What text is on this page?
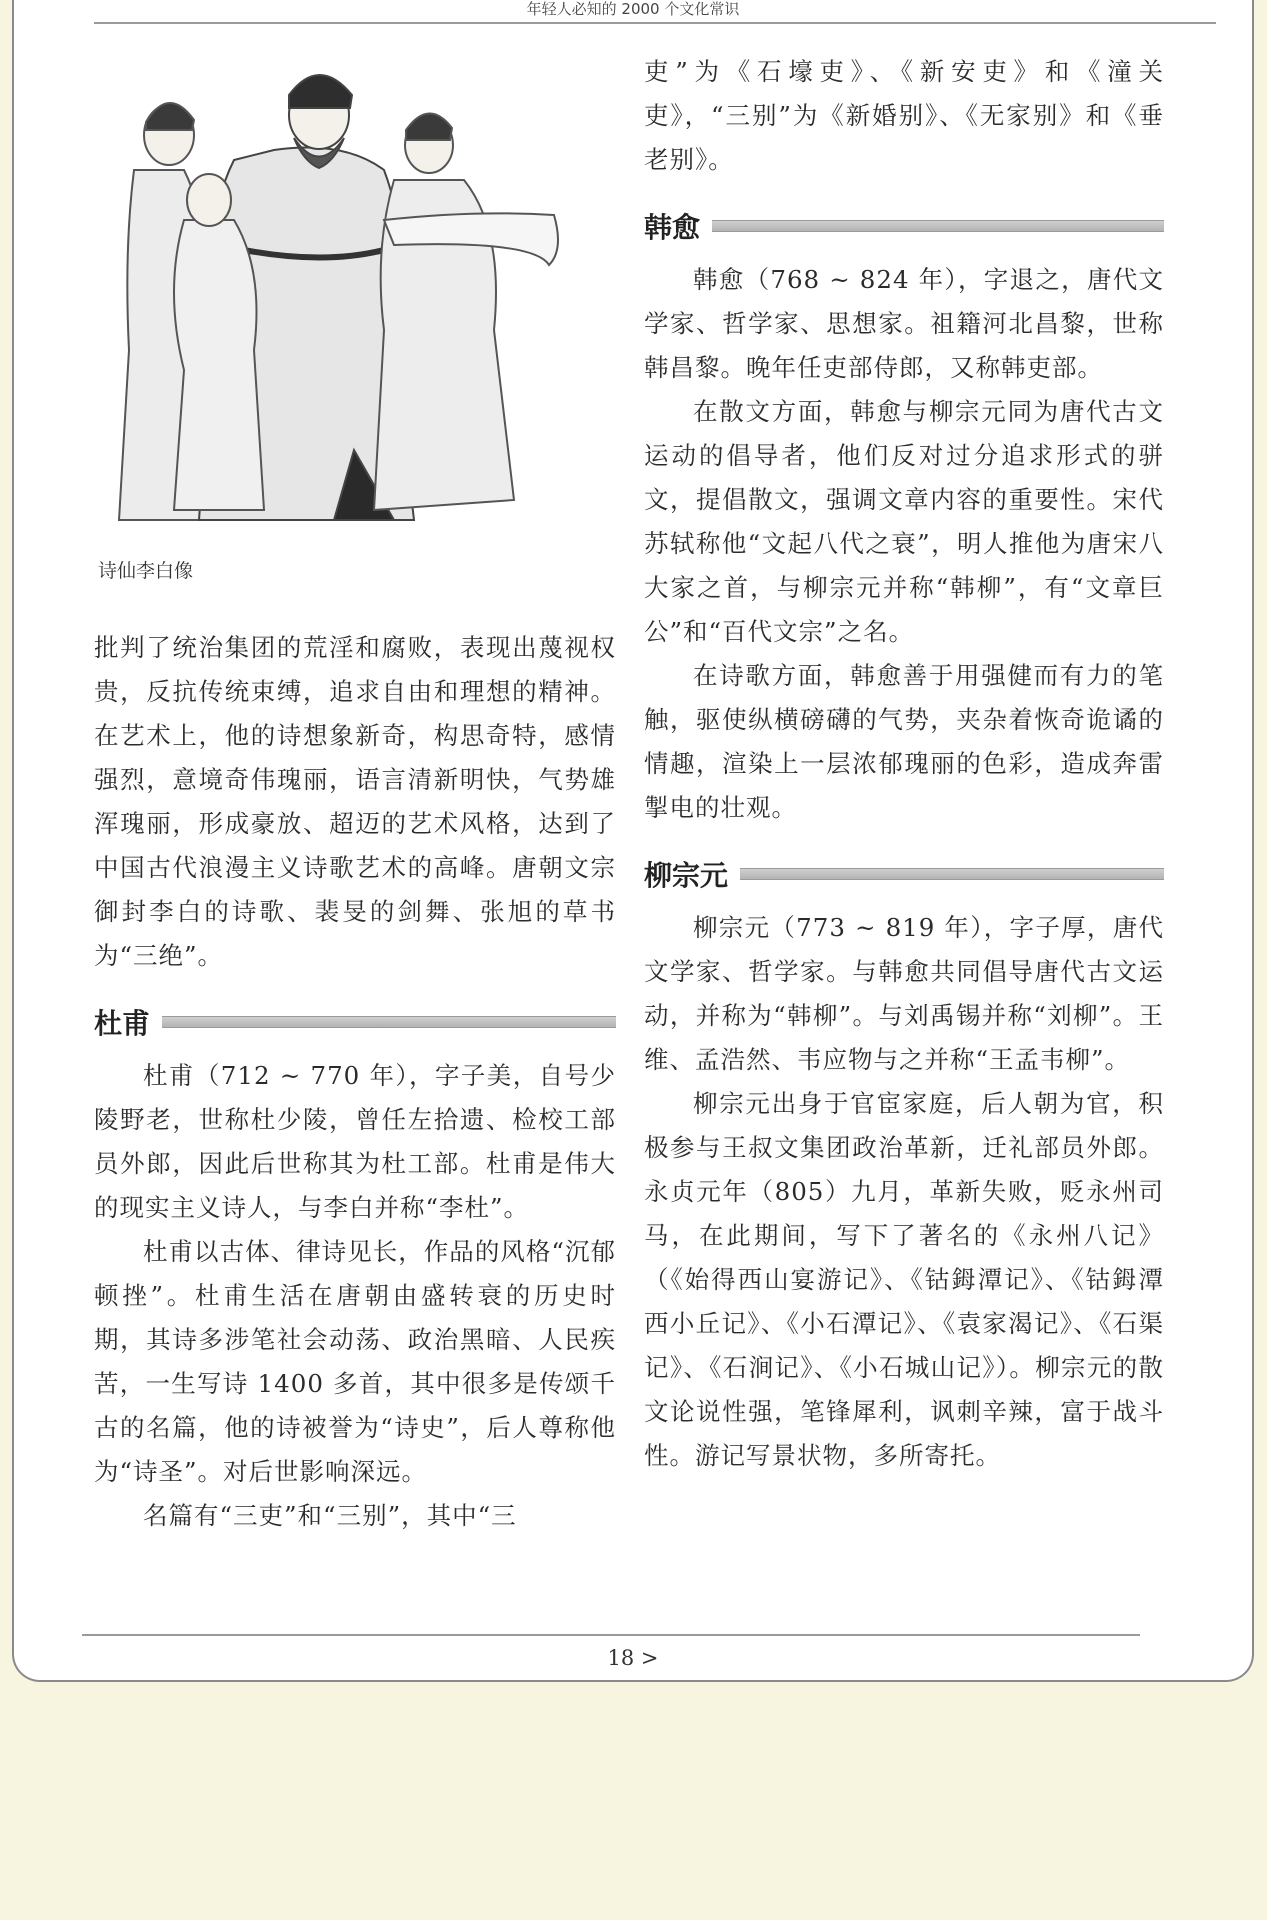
年轻人必知的 2000 个文化常识
诗仙李白像

批判了统治集团的荒淫和腐败，表现出蔑视权贵，反抗传统束缚，追求自由和理想的精神。在艺术上，他的诗想象新奇，构思奇特，感情强烈，意境奇伟瑰丽，语言清新明快，气势雄浑瑰丽，形成豪放、超迈的艺术风格，达到了中国古代浪漫主义诗歌艺术的高峰。唐朝文宗御封李白的诗歌、裴旻的剑舞、张旭的草书为“三绝”。

杜甫

杜甫（712 ~ 770 年），字子美，自号少陵野老，世称杜少陵，曾任左拾遗、检校工部员外郎，因此后世称其为杜工部。杜甫是伟大的现实主义诗人，与李白并称“李杜”。

杜甫以古体、律诗见长，作品的风格“沉郁顿挫”。杜甫生活在唐朝由盛转衰的历史时期，其诗多涉笔社会动荡、政治黑暗、人民疾苦，一生写诗 1400 多首，其中很多是传颂千古的名篇，他的诗被誉为“诗史”，后人尊称他为“诗圣”。对后世影响深远。

名篇有“三吏”和“三别”，其中“三

吏”为《石壕吏》、《新安吏》和《潼关吏》，“三别”为《新婚别》、《无家别》和《垂老别》。

韩愈

韩愈（768 ~ 824 年），字退之，唐代文学家、哲学家、思想家。祖籍河北昌黎，世称韩昌黎。晚年任吏部侍郎，又称韩吏部。

在散文方面，韩愈与柳宗元同为唐代古文运动的倡导者，他们反对过分追求形式的骈文，提倡散文，强调文章内容的重要性。宋代苏轼称他“文起八代之衰”，明人推他为唐宋八大家之首，与柳宗元并称“韩柳”，有“文章巨公”和“百代文宗”之名。

在诗歌方面，韩愈善于用强健而有力的笔触，驱使纵横磅礴的气势，夹杂着恢奇诡谲的情趣，渲染上一层浓郁瑰丽的色彩，造成奔雷掣电的壮观。

柳宗元

柳宗元（773 ~ 819 年），字子厚，唐代文学家、哲学家。与韩愈共同倡导唐代古文运动，并称为“韩柳”。与刘禹锡并称“刘柳”。王维、孟浩然、韦应物与之并称“王孟韦柳”。

柳宗元出身于官宦家庭，后人朝为官，积极参与王叔文集团政治革新，迁礼部员外郎。永贞元年（805）九月，革新失败，贬永州司马，在此期间，写下了著名的《永州八记》（《始得西山宴游记》、《钴鉧潭记》、《钴鉧潭西小丘记》、《小石潭记》、《袁家渴记》、《石渠记》、《石涧记》、《小石城山记》）。柳宗元的散文论说性强，笔锋犀利，讽刺辛辣，富于战斗性。游记写景状物，多所寄托。

18 >
